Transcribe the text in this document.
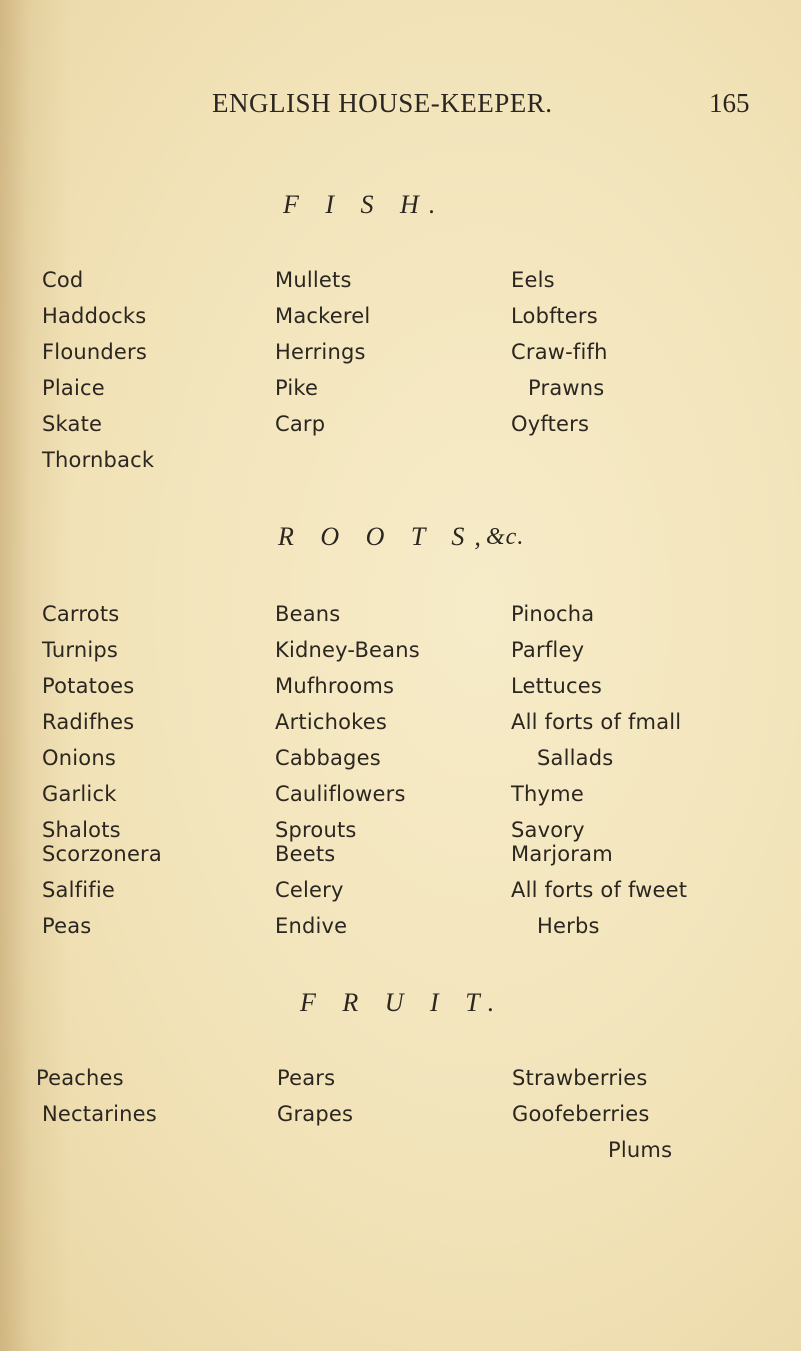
ENGLISH HOUSE-KEEPER.	165
F I S H.
Cod
Haddocks
Flounders
Plaice
Skate
Thornback
Mullets
Mackerel
Herrings
Pike
Carp
Eels
Lobfters
Craw-fifh
Prawns
Oyfters
R O O T S,
&c.
Carrots
Turnips
Potatoes
Radifhes
Onions
Garlick
Shalots
Scorzonera
Salfifie
Peas
Beans
Kidney-Beans
Mufhrooms
Artichokes
Cabbages
Cauliflowers
Sprouts
Beets
Celery
Endive
Pinocha
Parfley
Lettuces
All forts of fmall
Sallads
Thyme
Savory
Marjoram
All forts of fweet
Herbs
F R U I T.
Peaches
Nectarines
Pears
Grapes
Strawberries
Goofeberries
Plums
